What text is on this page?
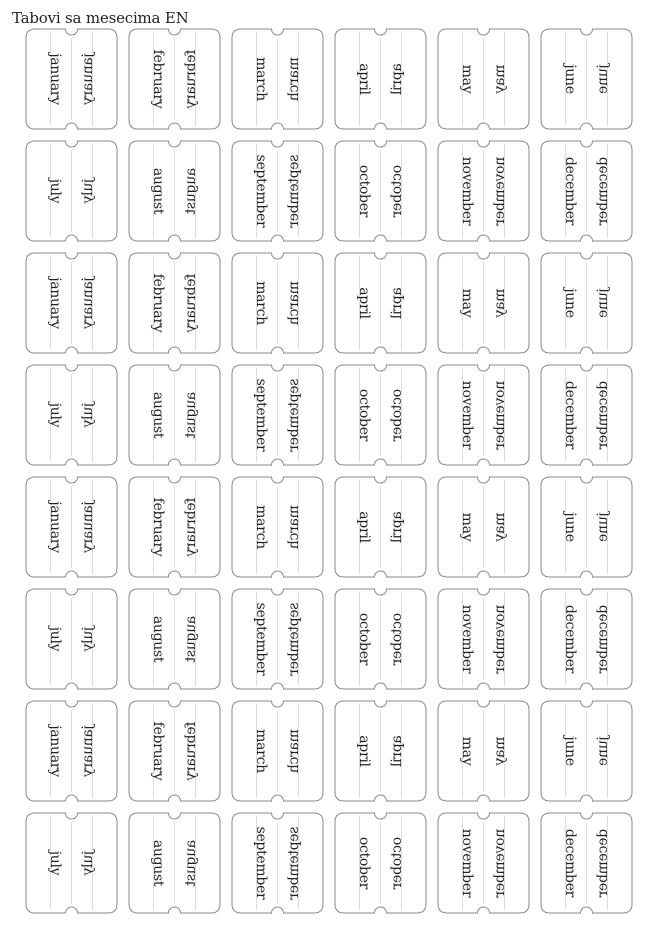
Tabovi sa mesecima EN
january january	february february	march march	april april	may may	june june
july july	august august	september september	october october	november november	december december
january january	february february	march march	april april	may may	june june
july july	august august	september september	october october	november november	december december
january january	february february	march march	april april	may may	june june
july july	august august	september september	october october	november november	december december
january january	february february	march march	april april	may may	june june
july july	august august	september september	october october	november november	december december
